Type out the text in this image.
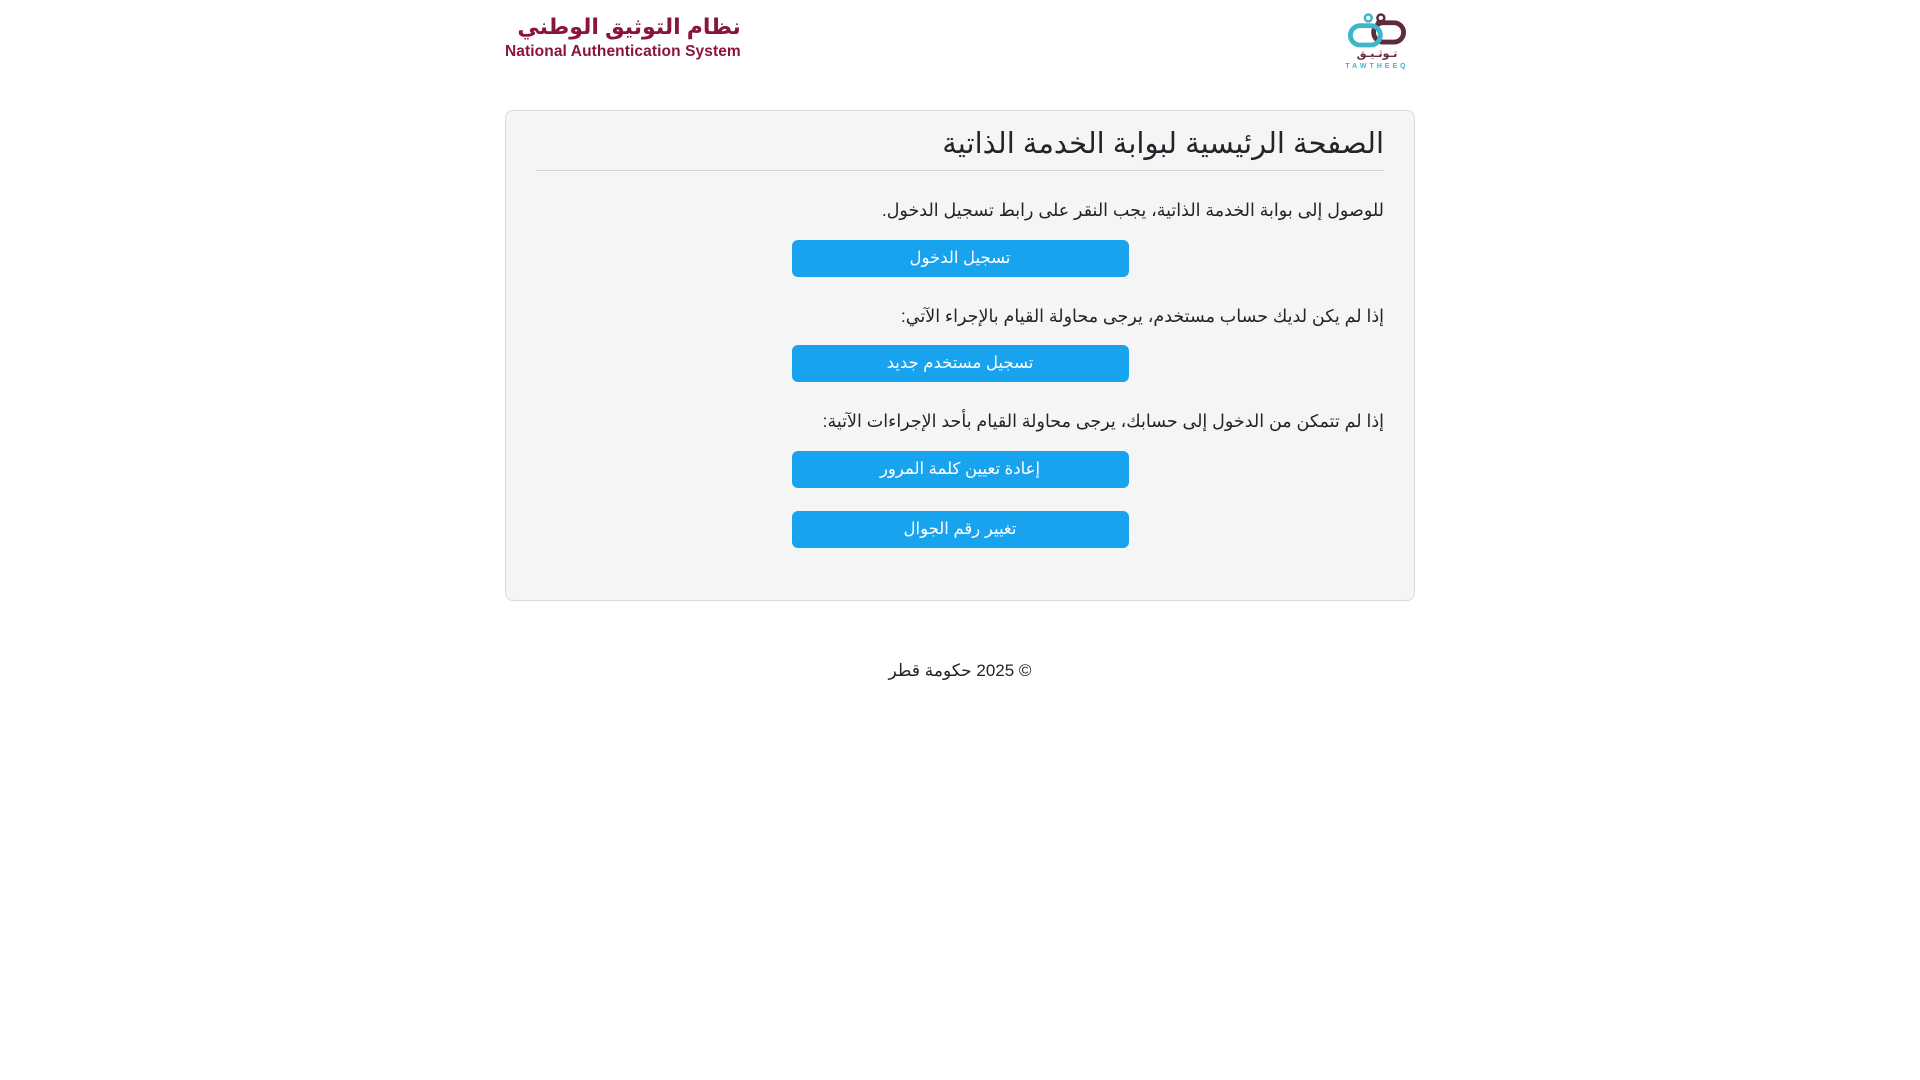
نظام التوثيق الوطني
National Authentication System	تـوثـيـق
TAWTHEEQ
الصفحة الرئيسية لبوابة الخدمة الذاتية

للوصول إلى بوابة الخدمة الذاتية، يجب النقر على رابط تسجيل الدخول.

تسجيل الدخول

إذا لم يكن لديك حساب مستخدم، يرجى محاولة القيام بالإجراء الآتي:

تسجيل مستخدم جديد

إذا لم تتمكن من الدخول إلى حسابك، يرجى محاولة القيام بأحد الإجراءات الآتية:

إعادة تعيين كلمة المرور
تغيير رقم الجوال
© 2025 حكومة قطر
